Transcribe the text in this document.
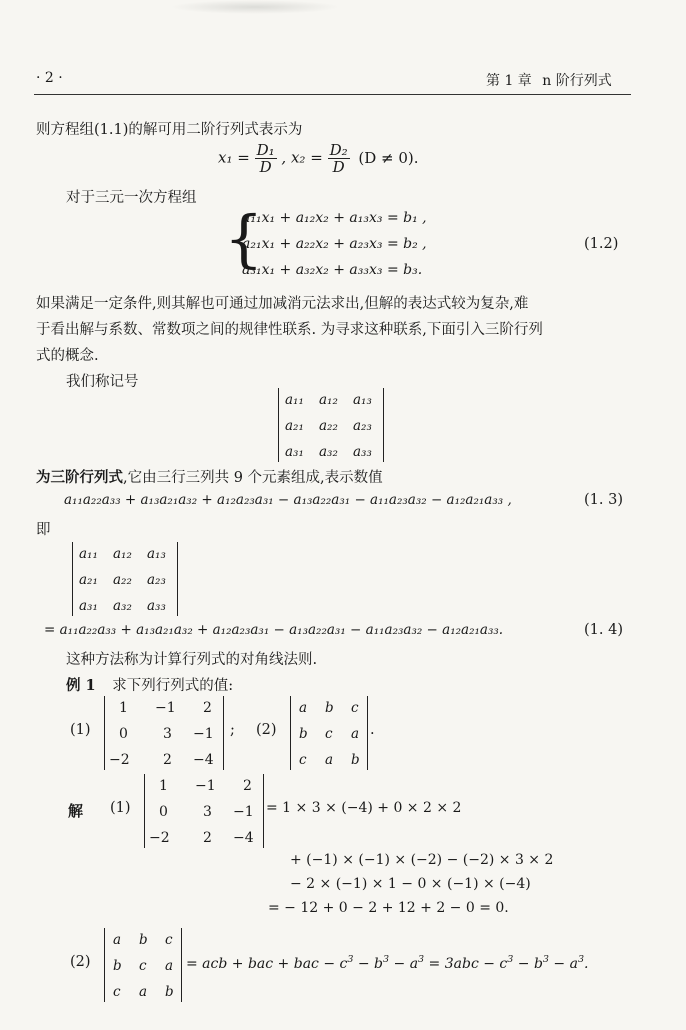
· 2 ·	第 1 章 n 阶行列式
则方程组(1.1)的解可用二阶行列式表示为
$x_1 = \frac{\text{D₁}}{D}$ , $x_2 = \frac{\text{D₂}}{D} (D \ne 0)$.
对于三元一次方程组
{
a₁₁x₁ + a₁₂x₂ + a₁₃x₃ = b₁ ,
a₂₁x₁ + a₂₂x₂ + a₂₃x₃ = b₂ ,
a₃₁x₁ + a₃₂x₂ + a₃₃x₃ = b₃.
(1.2)
如果满足一定条件,则其解也可通过加减消元法求出,但解的表达式较为复杂,难
于看出解与系数、常数项之间的规律性联系. 为寻求这种联系,下面引入三阶行列
式的概念.
我们称记号
a₁₁ a₁₂ a₁₃
a₂₁ a₂₂ a₂₃
a₃₁ a₃₂ a₃₃
为三阶行列式,它由三行三列共 9 个元素组成,表示数值
a₁₁a₂₂a₃₃ + a₁₃a₂₁a₃₂ + a₁₂a₂₃a₃₁ − a₁₃a₂₂a₃₁ − a₁₁a₂₃a₃₂ − a₁₂a₂₁a₃₃ ,	(1. 3)
即
a₁₁ a₁₂ a₁₃
a₂₁ a₂₂ a₂₃
a₃₁ a₃₂ a₃₃
= a₁₁a₂₂a₃₃ + a₁₃a₂₁a₃₂ + a₁₂a₂₃a₃₁ − a₁₃a₂₂a₃₁ − a₁₁a₂₃a₃₂ − a₁₂a₂₁a₃₃.	(1. 4)
这种方法称为计算行列式的对角线法则.
例 1 求下列行列式的值:
(1)
1 −1 2
0	3 −1
−2 2 −4
; (2)
a b c
b c a
c a b
.
解 (1)
1 −1 2
0	3 −1
−2 2 −4
= 1 × 3 × (−4) + 0 × 2 × 2
+ (−1) × (−1) × (−2) − (−2) × 3 × 2
− 2 × (−1) × 1 − 0 × (−1) × (−4)
= − 12 + 0 − 2 + 12 + 2 − 0 = 0.
(2)
a b c
b c a
c a b
= acb + bac + bac − $c^3 - b^3 - a^3 = 3abc - c^3 - b^3 - a^3$.
